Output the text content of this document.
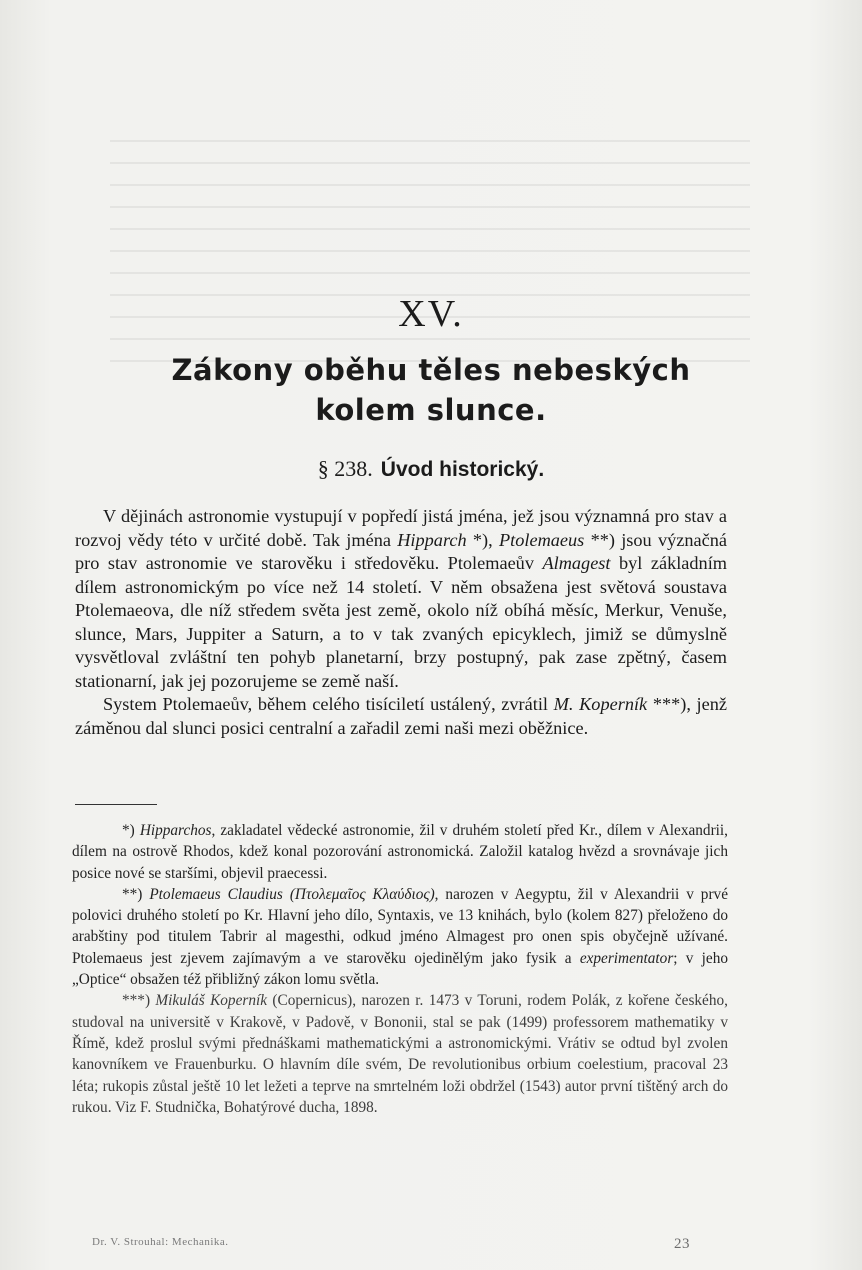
XV.
Zákony oběhu těles nebeských
kolem slunce.
§ 238. Úvod historický.

V dějinách astronomie vystupují v popředí jistá jména, jež jsou významná pro stav a rozvoj vědy této v určité době. Tak jména Hipparch *), Ptolemaeus **) jsou význačná pro stav astronomie ve starověku i středověku. Ptolemaeův Almagest byl základním dílem astronomickým po více než 14 století. V něm obsažena jest světová soustava Ptolemaeova, dle níž středem světa jest země, okolo níž obíhá měsíc, Merkur, Venuše, slunce, Mars, Juppiter a Saturn, a to v tak zvaných epicyklech, jimiž se důmyslně vysvětloval zvláštní ten pohyb planetarní, brzy postupný, pak zase zpětný, časem stationarní, jak jej pozorujeme se země naší.

System Ptolemaeův, během celého tisíciletí ustálený, zvrátil M. Koperník ***), jenž záměnou dal slunci posici centralní a zařadil zemi naši mezi oběžnice.

*) Hipparchos, zakladatel vědecké astronomie, žil v druhém století před Kr., dílem v Alexandrii, dílem na ostrově Rhodos, kdež konal pozorování astronomická. Založil katalog hvězd a srovnávaje jich posice nové se staršími, objevil praecessi.

**) Ptolemaeus Claudius (Πτολεμαῖος Κλαύδιος), narozen v Aegyptu, žil v Alexandrii v prvé polovici druhého století po Kr. Hlavní jeho dílo, Syntaxis, ve 13 knihách, bylo (kolem 827) přeloženo do arabštiny pod titulem Tabrir al magesthi, odkud jméno Almagest pro onen spis obyčejně užívané. Ptolemaeus jest zjevem zajímavým a ve starověku ojedinělým jako fysik a experimentator; v jeho „Optice“ obsažen též přibližný zákon lomu světla.

***) Mikuláš Koperník (Copernicus), narozen r. 1473 v Toruni, rodem Polák, z kořene českého, studoval na universitě v Krakově, v Padově, v Bononii, stal se pak (1499) professorem mathematiky v Římě, kdež proslul svými přednáškami mathematickými a astronomickými. Vrátiv se odtud byl zvolen kanovníkem ve Frauenburku. O hlavním díle svém, De revolutionibus orbium coelestium, pracoval 23 léta; rukopis zůstal ještě 10 let ležeti a teprve na smrtelném loži obdržel (1543) autor první tištěný arch do rukou. Viz F. Studnička, Bohatýrové ducha, 1898.

Dr. V. Strouhal: Mechanika.	23
